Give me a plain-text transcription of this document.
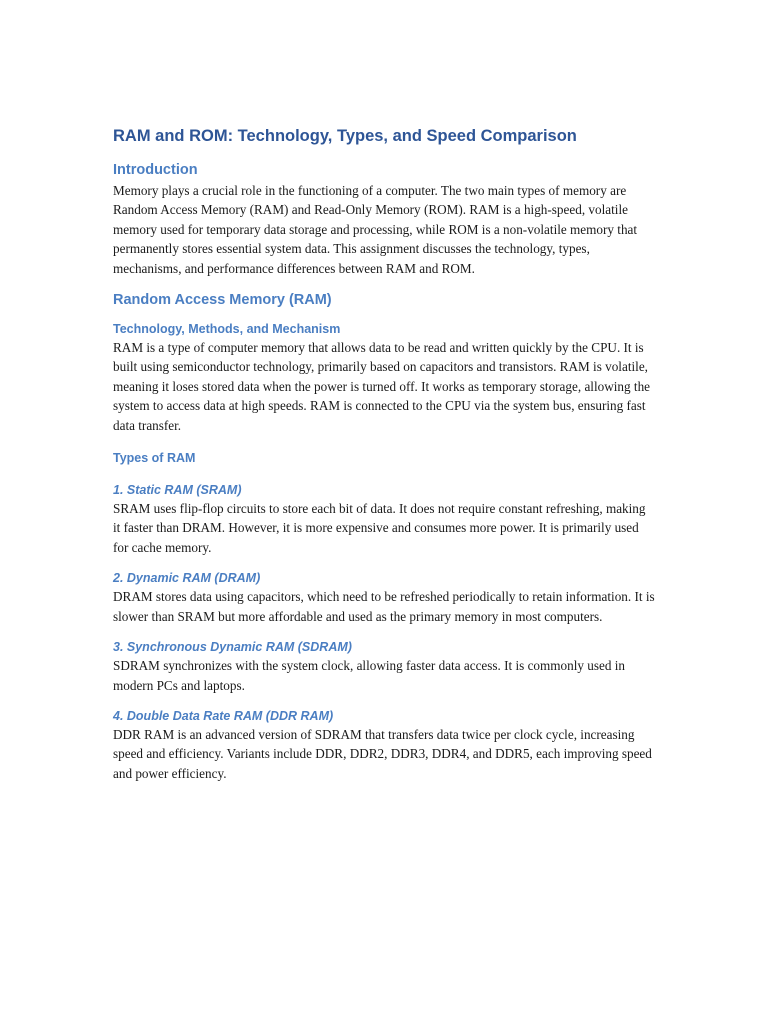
RAM and ROM: Technology, Types, and Speed Comparison
Introduction

Memory plays a crucial role in the functioning of a computer. The two main types of memory are Random Access Memory (RAM) and Read-Only Memory (ROM). RAM is a high-speed, volatile memory used for temporary data storage and processing, while ROM is a non-volatile memory that permanently stores essential system data. This assignment discusses the technology, types, mechanisms, and performance differences between RAM and ROM.

Random Access Memory (RAM)
Technology, Methods, and Mechanism

RAM is a type of computer memory that allows data to be read and written quickly by the CPU. It is built using semiconductor technology, primarily based on capacitors and transistors. RAM is volatile, meaning it loses stored data when the power is turned off. It works as temporary storage, allowing the system to access data at high speeds. RAM is connected to the CPU via the system bus, ensuring fast data transfer.

Types of RAM
1. Static RAM (SRAM)

SRAM uses flip-flop circuits to store each bit of data. It does not require constant refreshing, making it faster than DRAM. However, it is more expensive and consumes more power. It is primarily used for cache memory.

2. Dynamic RAM (DRAM)

DRAM stores data using capacitors, which need to be refreshed periodically to retain information. It is slower than SRAM but more affordable and used as the primary memory in most computers.

3. Synchronous Dynamic RAM (SDRAM)

SDRAM synchronizes with the system clock, allowing faster data access. It is commonly used in modern PCs and laptops.

4. Double Data Rate RAM (DDR RAM)

DDR RAM is an advanced version of SDRAM that transfers data twice per clock cycle, increasing speed and efficiency. Variants include DDR, DDR2, DDR3, DDR4, and DDR5, each improving speed and power efficiency.
